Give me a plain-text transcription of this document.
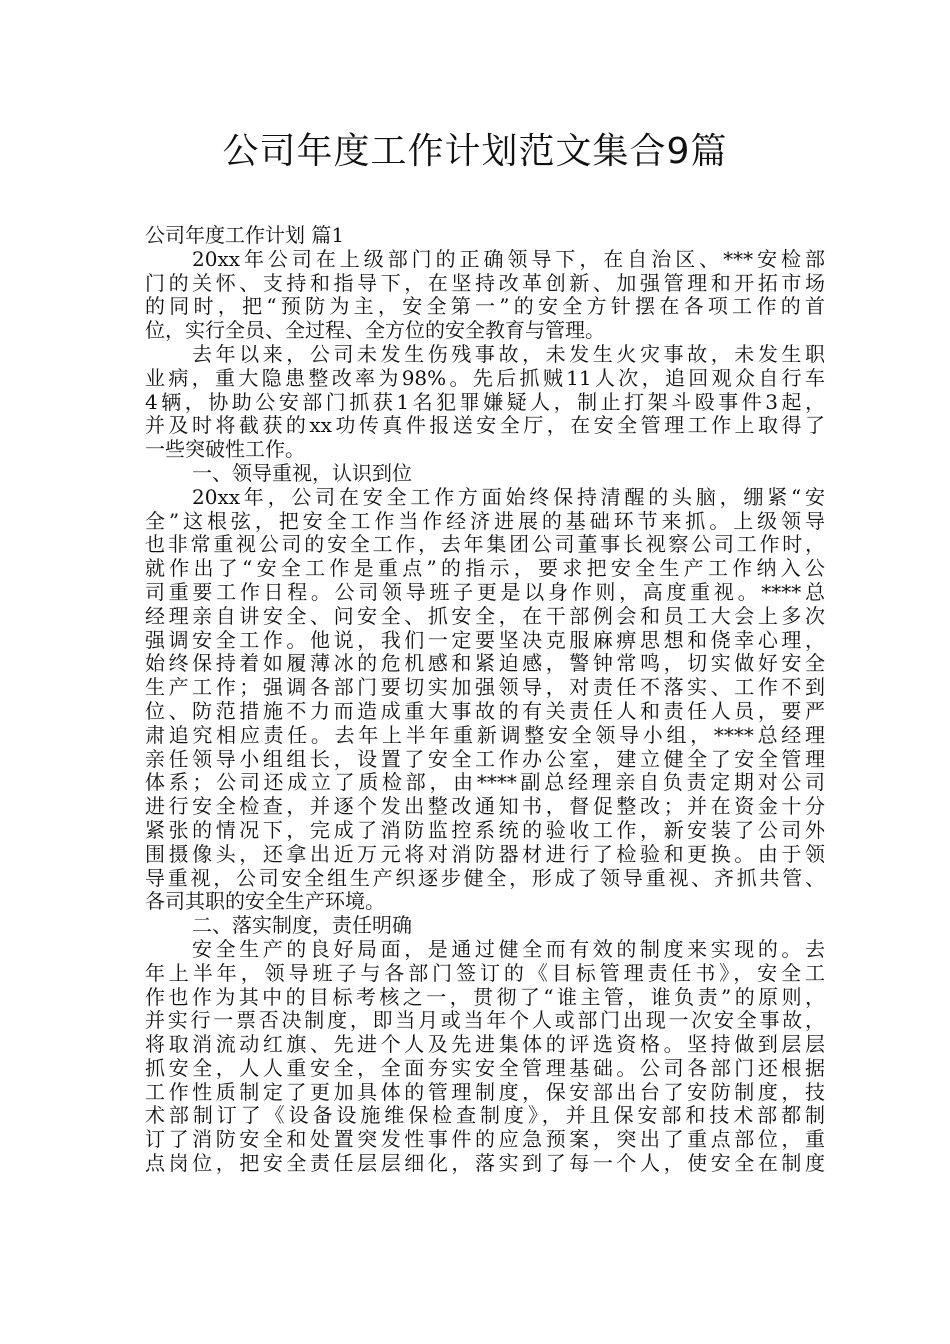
公司年度工作计划范文集合9篇
公司年度工作计划 篇1
20xx年公司在上级部门的正确领导下，在自治区、***安检部
门的关怀、支持和指导下，在坚持改革创新、加强管理和开拓市场
的同时，把“预防为主，安全第一”的安全方针摆在各项工作的首
位，实行全员、全过程、全方位的安全教育与管理。
去年以来，公司未发生伤残事故，未发生火灾事故，未发生职
业病，重大隐患整改率为98%。先后抓贼11人次，追回观众自行车
4辆，协助公安部门抓获1名犯罪嫌疑人，制止打架斗殴事件3起，
并及时将截获的xx功传真件报送安全厅，在安全管理工作上取得了
一些突破性工作。
一、领导重视，认识到位
20xx年，公司在安全工作方面始终保持清醒的头脑，绷紧“安
全”这根弦，把安全工作当作经济进展的基础环节来抓。上级领导
也非常重视公司的安全工作，去年集团公司董事长视察公司工作时，
就作出了“安全工作是重点”的指示，要求把安全生产工作纳入公
司重要工作日程。公司领导班子更是以身作则，高度重视。****总
经理亲自讲安全、问安全、抓安全，在干部例会和员工大会上多次
强调安全工作。他说，我们一定要坚决克服麻痹思想和侥幸心理，
始终保持着如履薄冰的危机感和紧迫感，警钟常鸣，切实做好安全
生产工作；强调各部门要切实加强领导，对责任不落实、工作不到
位、防范措施不力而造成重大事故的有关责任人和责任人员，要严
肃追究相应责任。去年上半年重新调整安全领导小组，****总经理
亲任领导小组组长，设置了安全工作办公室，建立健全了安全管理
体系；公司还成立了质检部，由****副总经理亲自负责定期对公司
进行安全检查，并逐个发出整改通知书，督促整改；并在资金十分
紧张的情况下，完成了消防监控系统的验收工作，新安装了公司外
围摄像头，还拿出近万元将对消防器材进行了检验和更换。由于领
导重视，公司安全组生产织逐步健全，形成了领导重视、齐抓共管、
各司其职的安全生产环境。
二、落实制度，责任明确
安全生产的良好局面，是通过健全而有效的制度来实现的。去
年上半年，领导班子与各部门签订的《目标管理责任书》，安全工
作也作为其中的目标考核之一，贯彻了“谁主管，谁负责”的原则，
并实行一票否决制度，即当月或当年个人或部门出现一次安全事故，
将取消流动红旗、先进个人及先进集体的评选资格。坚持做到层层
抓安全，人人重安全，全面夯实安全管理基础。公司各部门还根据
工作性质制定了更加具体的管理制度，保安部出台了安防制度，技
术部制订了《设备设施维保检查制度》，并且保安部和技术部都制
订了消防安全和处置突发性事件的应急预案，突出了重点部位，重
点岗位，把安全责任层层细化，落实到了每一个人，使安全在制度
